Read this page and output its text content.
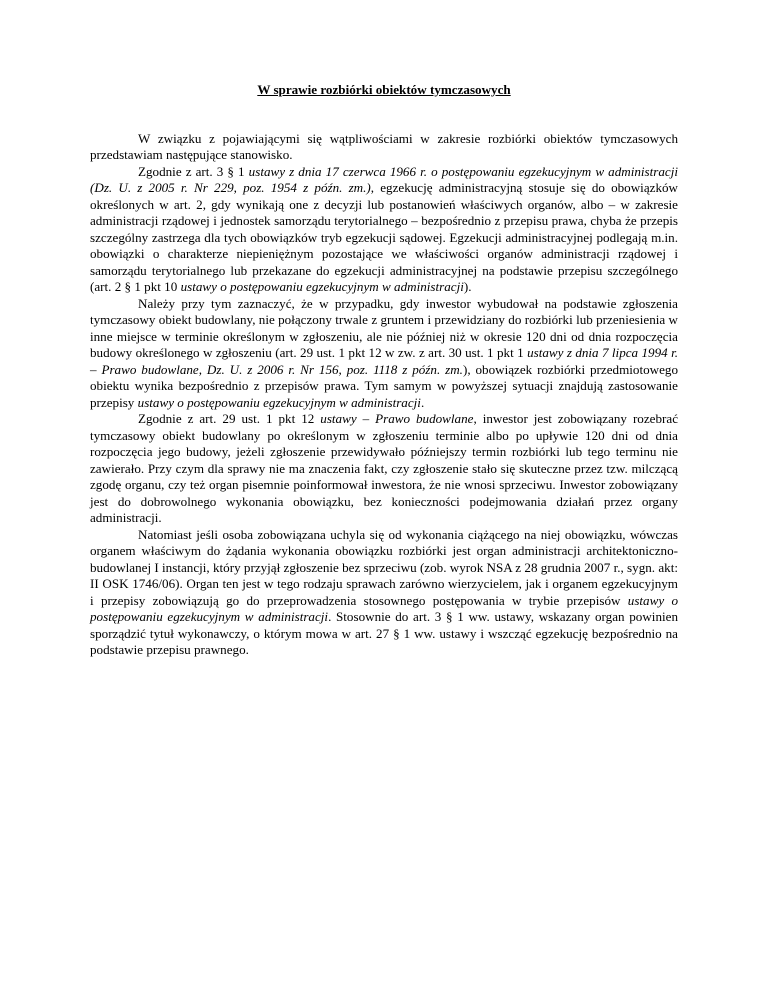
W sprawie rozbiórki obiektów tymczasowych

W związku z pojawiającymi się wątpliwościami w zakresie rozbiórki obiektów tymczasowych przedstawiam następujące stanowisko.

Zgodnie z art. 3 § 1 ustawy z dnia 17 czerwca 1966 r. o postępowaniu egzekucyjnym w administracji (Dz. U. z 2005 r. Nr 229, poz. 1954 z późn. zm.), egzekucję administracyjną stosuje się do obowiązków określonych w art. 2, gdy wynikają one z decyzji lub postanowień właściwych organów, albo – w zakresie administracji rządowej i jednostek samorządu terytorialnego – bezpośrednio z przepisu prawa, chyba że przepis szczególny zastrzega dla tych obowiązków tryb egzekucji sądowej. Egzekucji administracyjnej podlegają m.in. obowiązki o charakterze niepieniężnym pozostające we właściwości organów administracji rządowej i samorządu terytorialnego lub przekazane do egzekucji administracyjnej na podstawie przepisu szczególnego (art. 2 § 1 pkt 10 ustawy o postępowaniu egzekucyjnym w administracji).

Należy przy tym zaznaczyć, że w przypadku, gdy inwestor wybudował na podstawie zgłoszenia tymczasowy obiekt budowlany, nie połączony trwale z gruntem i przewidziany do rozbiórki lub przeniesienia w inne miejsce w terminie określonym w zgłoszeniu, ale nie później niż w okresie 120 dni od dnia rozpoczęcia budowy określonego w zgłoszeniu (art. 29 ust. 1 pkt 12 w zw. z art. 30 ust. 1 pkt 1 ustawy z dnia 7 lipca 1994 r. – Prawo budowlane, Dz. U. z 2006 r. Nr 156, poz. 1118 z późn. zm.), obowiązek rozbiórki przedmiotowego obiektu wynika bezpośrednio z przepisów prawa. Tym samym w powyższej sytuacji znajdują zastosowanie przepisy ustawy o postępowaniu egzekucyjnym w administracji.

Zgodnie z art. 29 ust. 1 pkt 12 ustawy – Prawo budowlane, inwestor jest zobowiązany rozebrać tymczasowy obiekt budowlany po określonym w zgłoszeniu terminie albo po upływie 120 dni od dnia rozpoczęcia jego budowy, jeżeli zgłoszenie przewidywało późniejszy termin rozbiórki lub tego terminu nie zawierało. Przy czym dla sprawy nie ma znaczenia fakt, czy zgłoszenie stało się skuteczne przez tzw. milczącą zgodę organu, czy też organ pisemnie poinformował inwestora, że nie wnosi sprzeciwu. Inwestor zobowiązany jest do dobrowolnego wykonania obowiązku, bez konieczności podejmowania działań przez organy administracji.

Natomiast jeśli osoba zobowiązana uchyla się od wykonania ciążącego na niej obowiązku, wówczas organem właściwym do żądania wykonania obowiązku rozbiórki jest organ administracji architektoniczno-budowlanej I instancji, który przyjął zgłoszenie bez sprzeciwu (zob. wyrok NSA z 28 grudnia 2007 r., sygn. akt: II OSK 1746/06). Organ ten jest w tego rodzaju sprawach zarówno wierzycielem, jak i organem egzekucyjnym i przepisy zobowiązują go do przeprowadzenia stosownego postępowania w trybie przepisów ustawy o postępowaniu egzekucyjnym w administracji. Stosownie do art. 3 § 1 ww. ustawy, wskazany organ powinien sporządzić tytuł wykonawczy, o którym mowa w art. 27 § 1 ww. ustawy i wszcząć egzekucję bezpośrednio na podstawie przepisu prawnego.
